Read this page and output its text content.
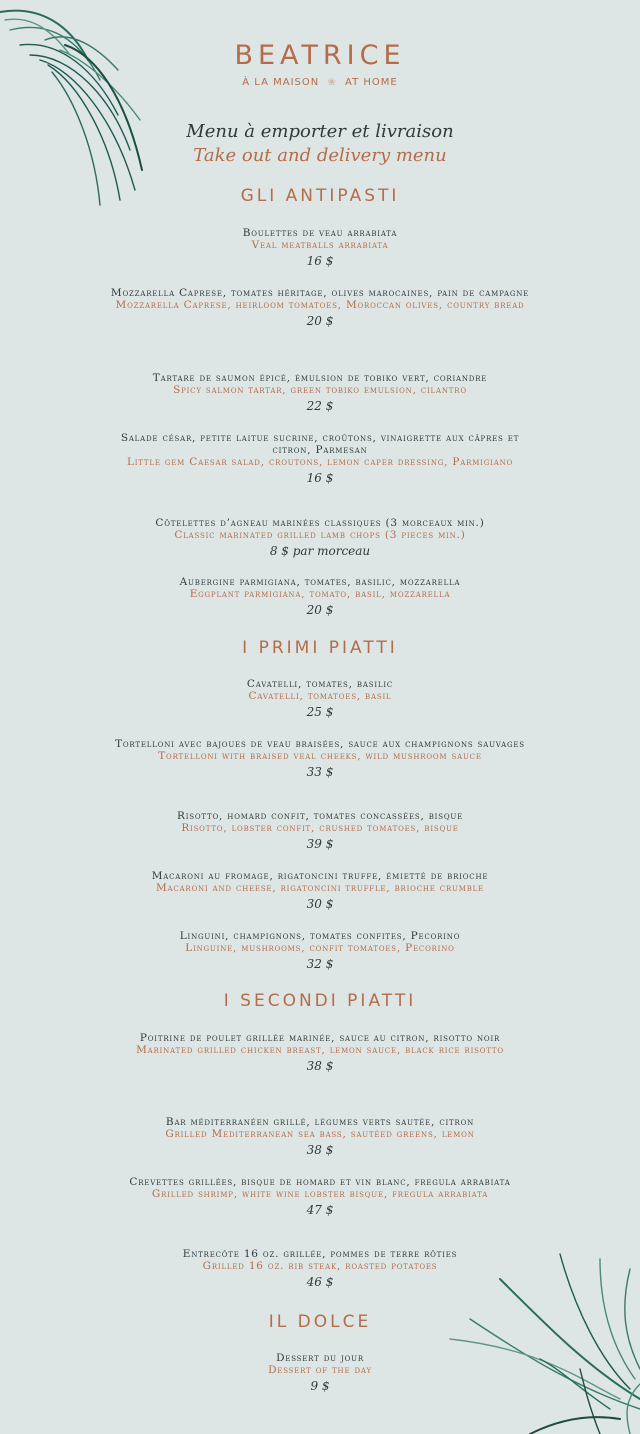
BEATRICE
À LA MAISON ❀ AT HOME
Menu à emporter et livraison
Take out and delivery menu
GLI ANTIPASTI
Boulettes de veau arrabiata
Veal meatballs arrabiata
16 $
Mozzarella Caprese, tomates héritage, olives marocaines, pain de campagne
Mozzarella Caprese, heirloom tomatoes, Moroccan olives, country bread
20 $
Tartare de saumon épicé, émulsion de tobiko vert, coriandre
Spicy salmon tartar, green tobiko emulsion, cilantro
22 $
Salade césar, petite laitue sucrine, croûtons, vinaigrette aux câpres et citron, Parmesan
Little gem Caesar salad, croutons, lemon caper dressing, Parmigiano
16 $
Côtelettes d’agneau marinées classiques (3 morceaux min.)
Classic marinated grilled lamb chops (3 pieces min.)
8 $ par morceau
Aubergine parmigiana, tomates, basilic, mozzarella
Eggplant parmigiana, tomato, basil, mozzarella
20 $
I PRIMI PIATTI
Cavatelli, tomates, basilic
Cavatelli, tomatoes, basil
25 $
Tortelloni avec bajoues de veau braisées, sauce aux champignons sauvages
Tortelloni with braised veal cheeks, wild mushroom sauce
33 $
Risotto, homard confit, tomates concassées, bisque
Risotto, lobster confit, crushed tomatoes, bisque
39 $
Macaroni au fromage, rigatoncini truffe, émietté de brioche
Macaroni and cheese, rigatoncini truffle, brioche crumble
30 $
Linguini, champignons, tomates confites, Pecorino
Linguine, mushrooms, confit tomatoes, Pecorino
32 $
I SECONDI PIATTI
Poitrine de poulet grillée marinée, sauce au citron, risotto noir
Marinated grilled chicken breast, lemon sauce, black rice risotto
38 $
Bar méditerranéen grillé, légumes verts sautée, citron
Grilled Mediterranean sea bass, sautéed greens, lemon
38 $
Crevettes grillées, bisque de homard et vin blanc, fregula arrabiata
Grilled shrimp, white wine lobster bisque, fregula arrabiata
47 $
Entrecôte 16 oz. grillée, pommes de terre rôties
Grilled 16 oz. rib steak, roasted potatoes
46 $
IL DOLCE
Dessert du jour
Dessert of the day
9 $
